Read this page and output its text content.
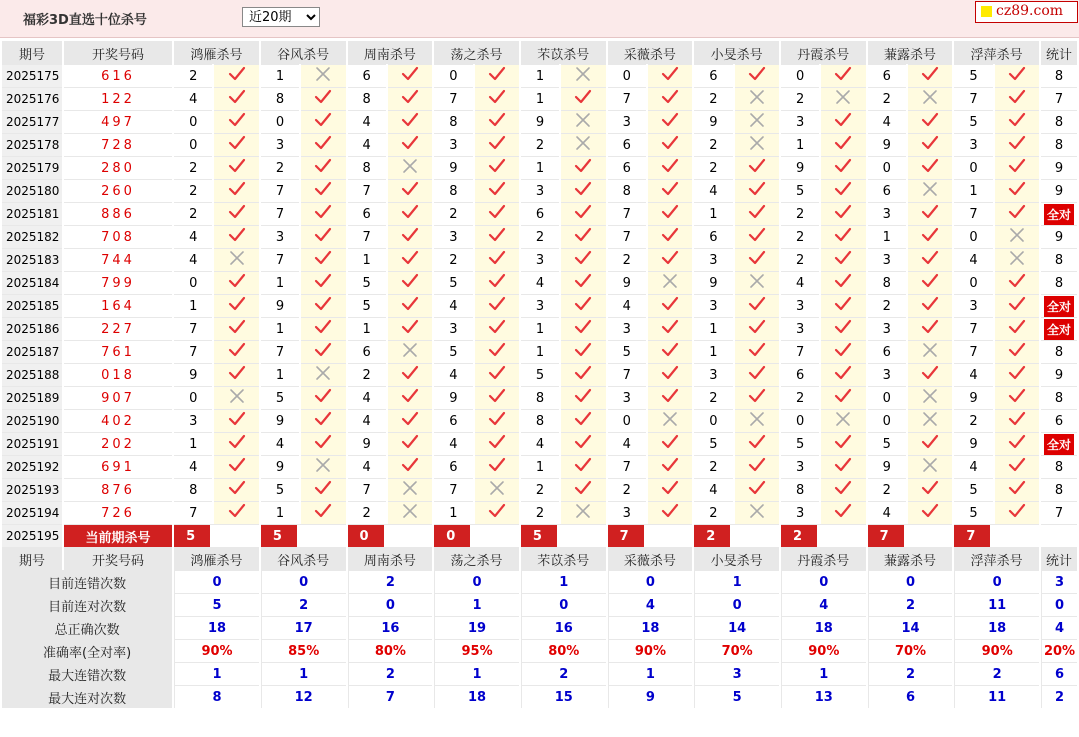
福彩3D直选十位杀号
近20期
cz89.com
期号	开奖号码	鸿雁杀号		谷风杀号		周南杀号		荡之杀号		芣苡杀号		采薇杀号		小旻杀号		丹霞杀号		蒹露杀号		浮萍杀号		统计
2025175	616	2		1		6		0		1		0		6		0		6		5		8
2025176	122	4		8		8		7		1		7		2		2		2		7		7
2025177	497	0		0		4		8		9		3		9		3		4		5		8
2025178	728	0		3		4		3		2		6		2		1		9		3		8
2025179	280	2		2		8		9		1		6		2		9		0		0		9
2025180	260	2		7		7		8		3		8		4		5		6		1		9
2025181	886	2		7		6		2		6		7		1		2		3		7		全对
2025182	708	4		3		7		3		2		7		6		2		1		0		9
2025183	744	4		7		1		2		3		2		3		2		3		4		8
2025184	799	0		1		5		5		4		9		9		4		8		0		8
2025185	164	1		9		5		4		3		4		3		3		2		3		全对
2025186	227	7		1		1		3		1		3		1		3		3		7		全对
2025187	761	7		7		6		5		1		5		1		7		6		7		8
2025188	018	9		1		2		4		5		7		3		6		3		4		9
2025189	907	0		5		4		9		8		3		2		2		0		9		8
2025190	402	3		9		4		6		8		0		0		0		0		2		6
2025191	202	1		4		9		4		4		4		5		5		5		9		全对
2025192	691	4		9		4		6		1		7		2		3		9		4		8
2025193	876	8		5		7		7		2		2		4		8		2		5		8
2025194	726	7		1		2		1		2		3		2		3		4		5		7
2025195	当前期杀号	5		5		0		0		5		7		2		2		7		7		
期号	开奖号码	鸿雁杀号		谷风杀号		周南杀号		荡之杀号		芣苡杀号		采薇杀号		小旻杀号		丹霞杀号		蒹露杀号		浮萍杀号		统计
目前连错次数		0		0		2		0		1		0		1		0		0		0		3
目前连对次数		5		2		0		1		0		4		0		4		2		11		0
总正确次数		18		17		16		19		16		18		14		18		14		18		4
准确率(全对率)		90%		85%		80%		95%		80%		90%		70%		90%		70%		90%		20%
最大连错次数		1		1		2		1		2		1		3		1		2		2		6
最大连对次数		8		12		7		18		15		9		5		13		6		11		2
